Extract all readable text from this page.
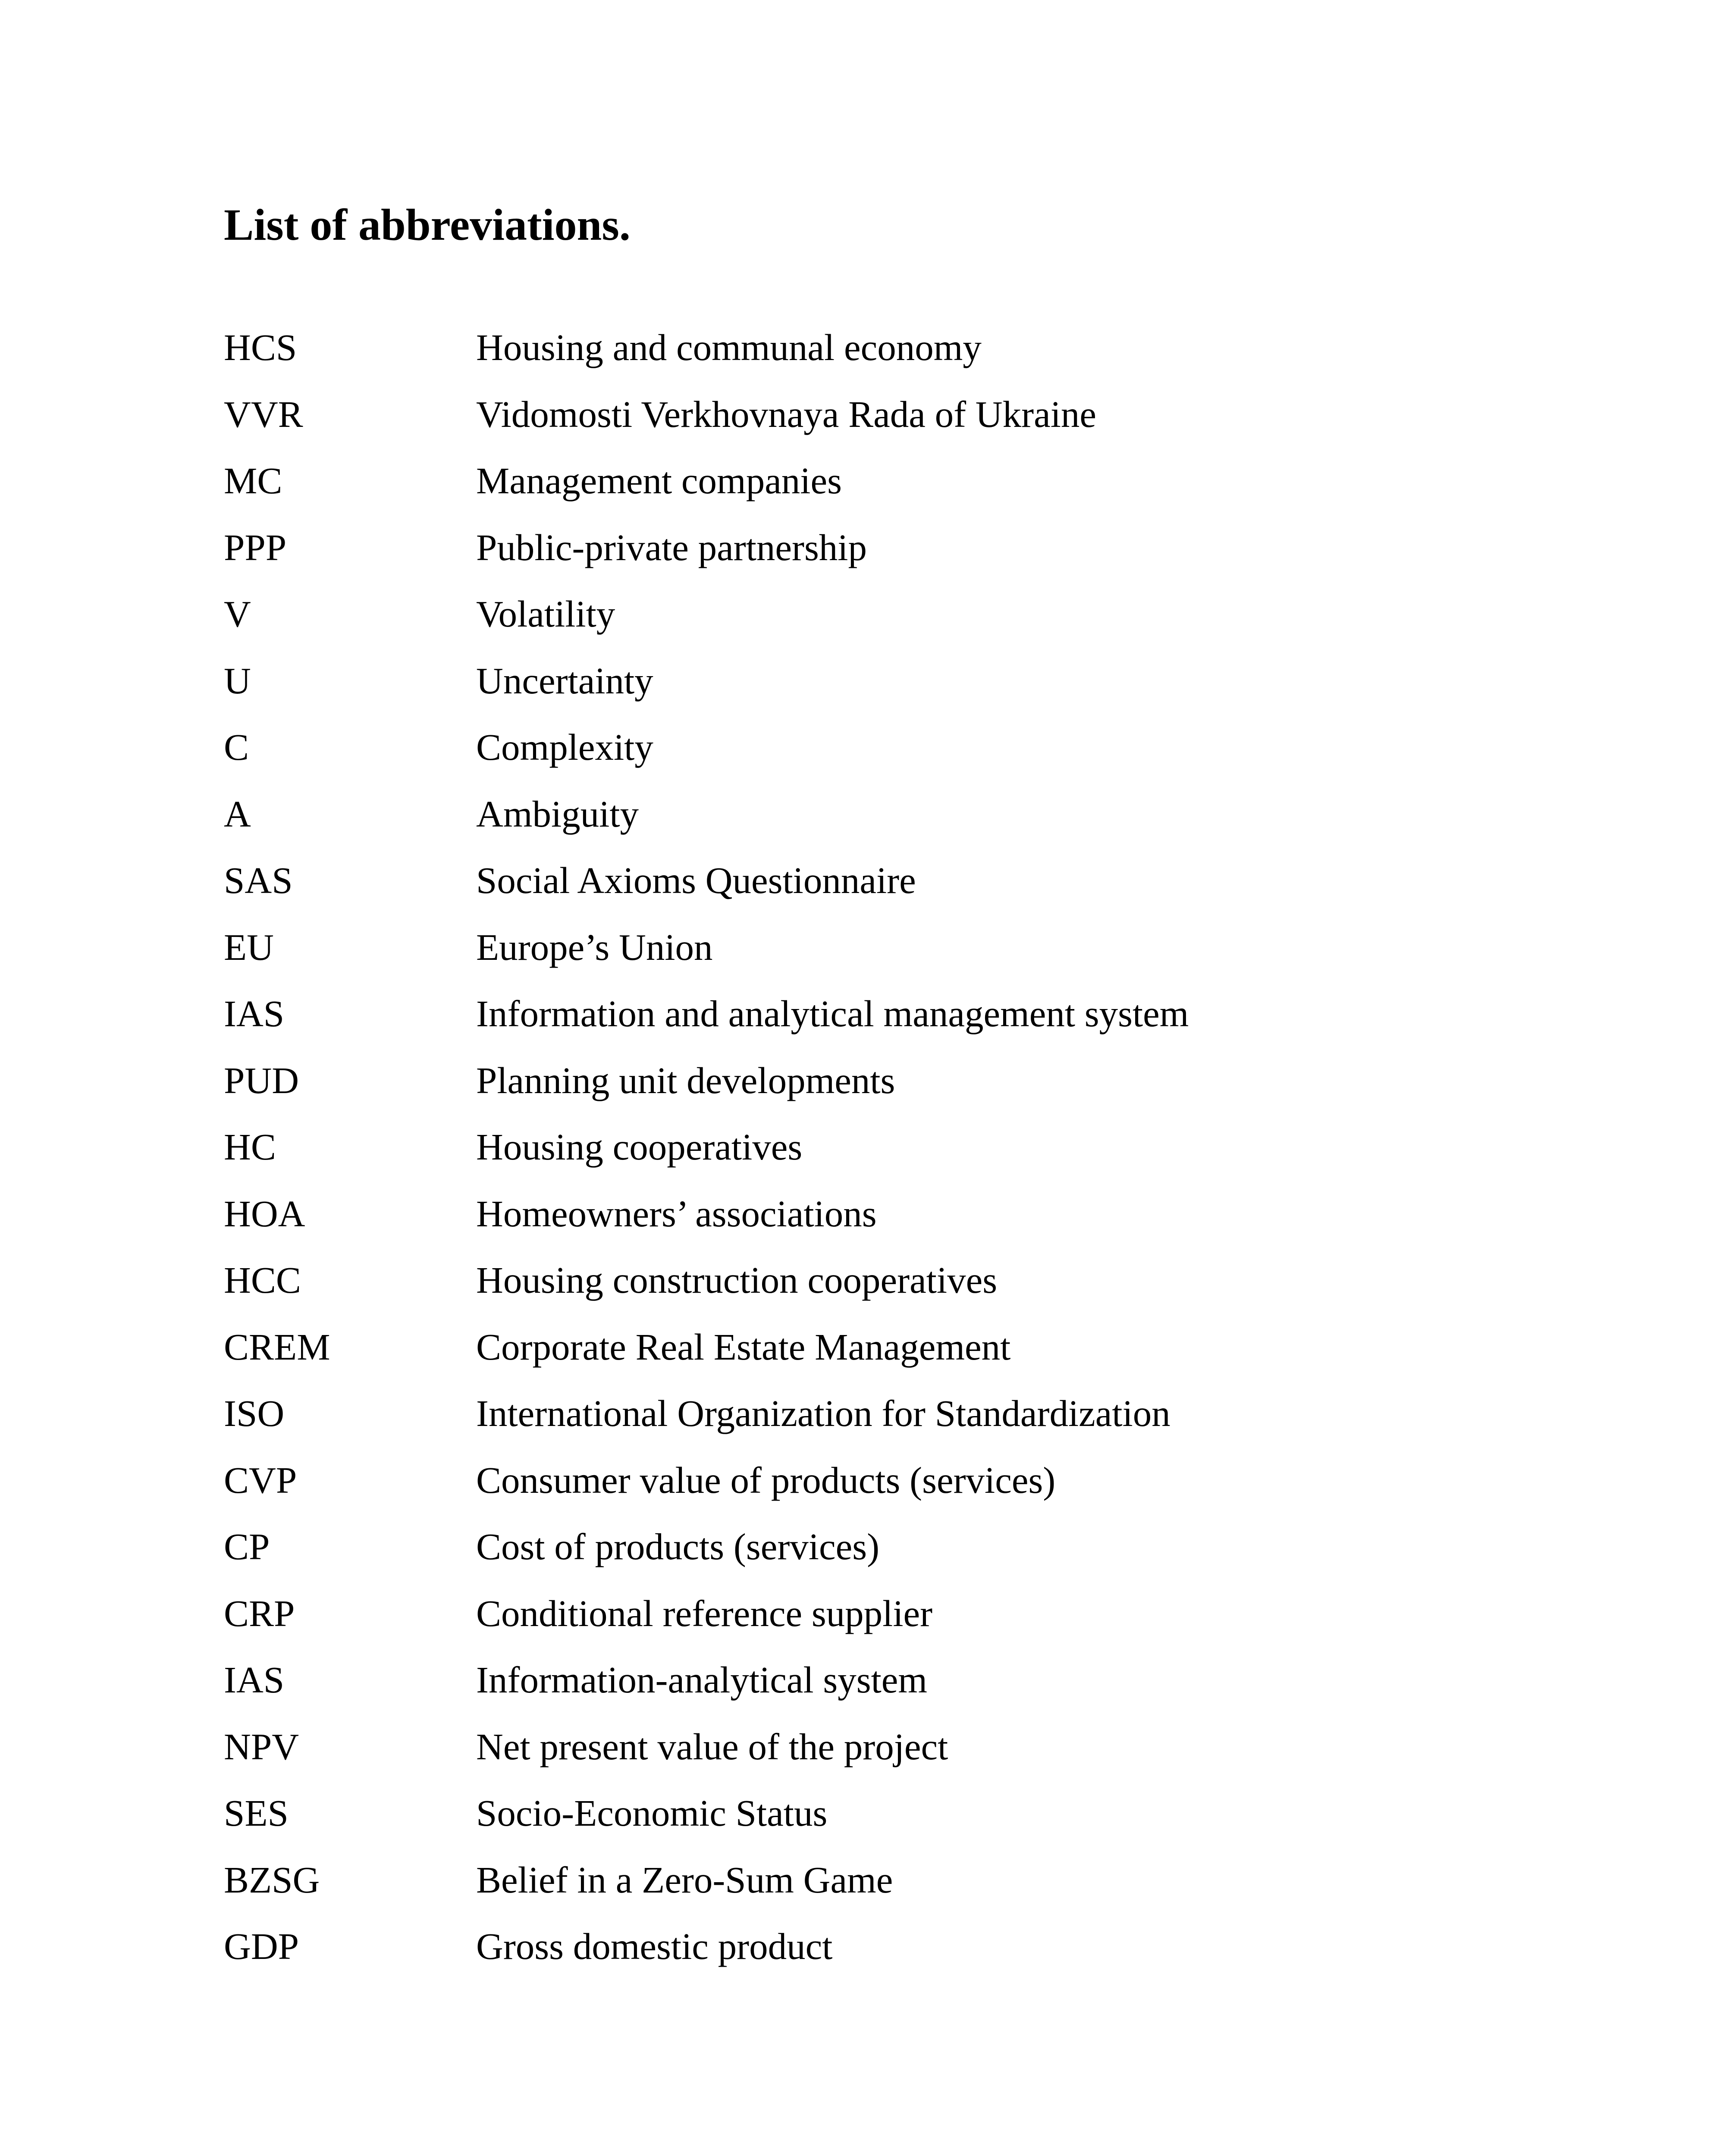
List of abbreviations.
HCS	Housing and communal economy
VVR	Vidomosti Verkhovnaya Rada of Ukraine
MC	Management companies
PPP	Public-private partnership
V	Volatility
U	Uncertainty
C	Complexity
A	Ambiguity
SAS	Social Axioms Questionnaire
EU	Europe’s Union
IAS	Information and analytical management system
PUD	Planning unit developments
HC	Housing cooperatives
HOA	Homeowners’ associations
HCC	Housing construction cooperatives
CREM	Corporate Real Estate Management
ISO	International Organization for Standardization
CVP	Consumer value of products (services)
CP	Cost of products (services)
CRP	Conditional reference supplier
IAS	Information-analytical system
NPV	Net present value of the project
SES	Socio-Economic Status
BZSG	Belief in a Zero-Sum Game
GDP	Gross domestic product
